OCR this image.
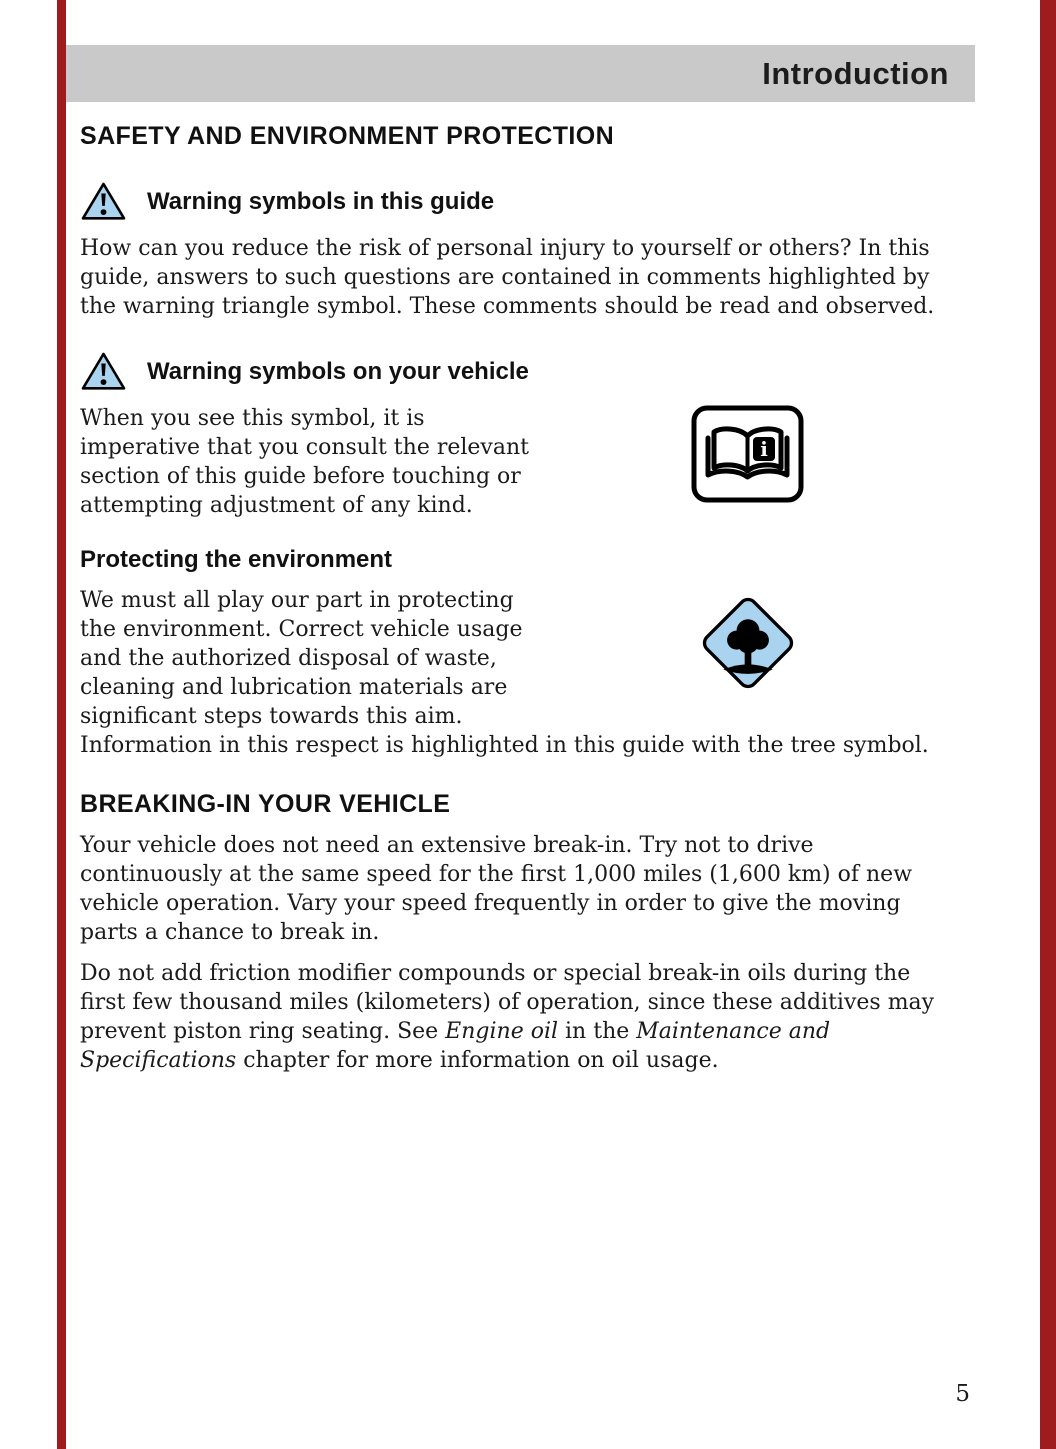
Introduction
SAFETY AND ENVIRONMENT PROTECTION
Warning symbols in this guide

How can you reduce the risk of personal injury to yourself or others? In this guide, answers to such questions are contained in comments highlighted by the warning triangle symbol. These comments should be read and observed.

Warning symbols on your vehicle
i

When you see this symbol, it is imperative that you consult the relevant section of this guide before touching or attempting adjustment of any kind.

Protecting the environment

We must all play our part in protecting the environment. Correct vehicle usage and the authorized disposal of waste, cleaning and lubrication materials are significant steps towards this aim. Information in this respect is highlighted in this guide with the tree symbol.

BREAKING-IN YOUR VEHICLE

Your vehicle does not need an extensive break-in. Try not to drive continuously at the same speed for the first 1,000 miles (1,600 km) of new vehicle operation. Vary your speed frequently in order to give the moving parts a chance to break in.

Do not add friction modifier compounds or special break-in oils during the first few thousand miles (kilometers) of operation, since these additives may prevent piston ring seating. See Engine oil in the Maintenance and Specifications chapter for more information on oil usage.

5
